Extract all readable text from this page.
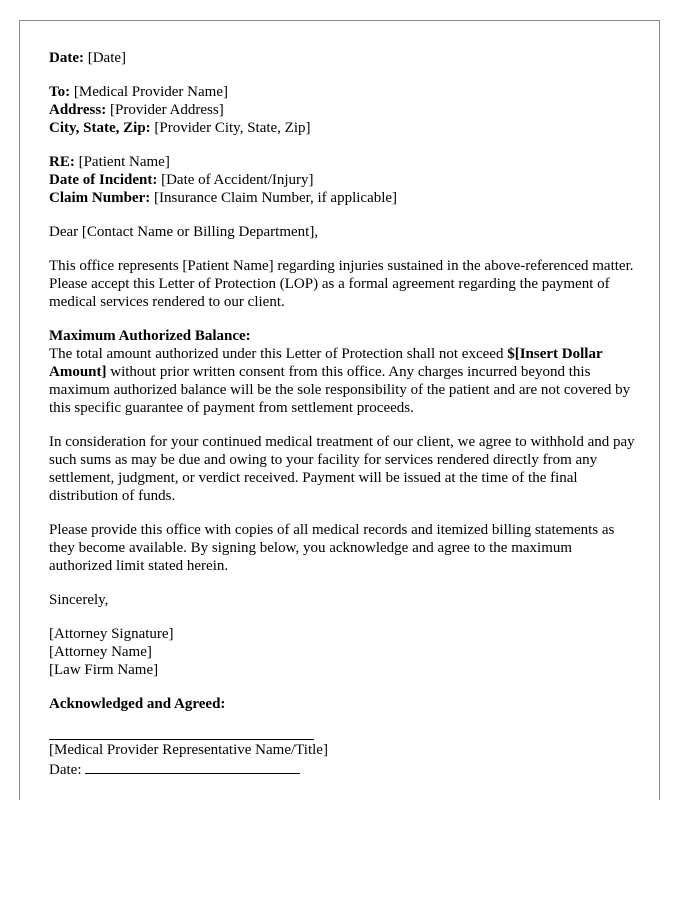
Date: [Date]
To: [Medical Provider Name]
Address: [Provider Address]
City, State, Zip: [Provider City, State, Zip]
RE: [Patient Name]
Date of Incident: [Date of Accident/Injury]
Claim Number: [Insurance Claim Number, if applicable]

Dear [Contact Name or Billing Department],

This office represents [Patient Name] regarding injuries sustained in the above-referenced matter. Please accept this Letter of Protection (LOP) as a formal agreement regarding the payment of medical services rendered to our client.

Maximum Authorized Balance:
The total amount authorized under this Letter of Protection shall not exceed $[Insert Dollar Amount] without prior written consent from this office. Any charges incurred beyond this maximum authorized balance will be the sole responsibility of the patient and are not covered by this specific guarantee of payment from settlement proceeds.

In consideration for your continued medical treatment of our client, we agree to withhold and pay such sums as may be due and owing to your facility for services rendered directly from any settlement, judgment, or verdict received. Payment will be issued at the time of the final distribution of funds.

Please provide this office with copies of all medical records and itemized billing statements as they become available. By signing below, you acknowledge and agree to the maximum authorized limit stated herein.

Sincerely,

[Attorney Signature]
[Attorney Name]
[Law Firm Name]
Acknowledged and Agreed:
[Medical Provider Representative Name/Title]
Date:
